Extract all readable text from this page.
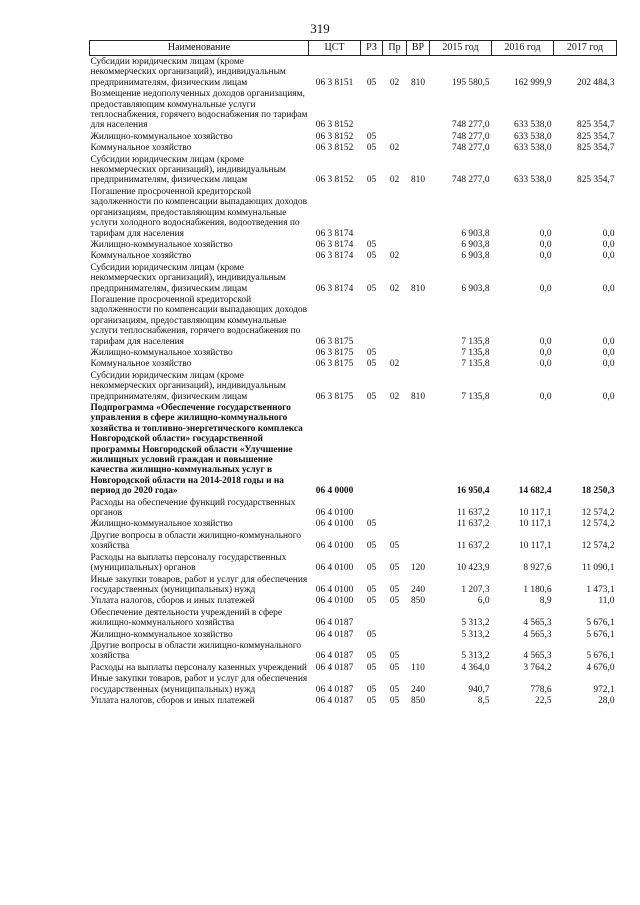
319
Наименование	ЦСТ	РЗ	Пр	ВР	2015 год	2016 год	2017 год
Субсидии юридическим лицам (кроме некоммерческих организаций), индивидуальным предпринимателям, физическим лицам	06 3 8151	05	02	810	195 580,5	162 999,9	202 484,3
Возмещение недополученных доходов организациям, предоставляющим коммунальные услуги теплоснабжения, горячего водоснабжения по тарифам для населения	06 3 8152				748 277,0	633 538,0	825 354,7
Жилищно-коммунальное хозяйство	06 3 8152	05			748 277,0	633 538,0	825 354,7
Коммунальное хозяйство	06 3 8152	05	02		748 277,0	633 538,0	825 354,7
Субсидии юридическим лицам (кроме некоммерческих организаций), индивидуальным предпринимателям, физическим лицам	06 3 8152	05	02	810	748 277,0	633 538,0	825 354,7
Погашение просроченной кредиторской задолженности по компенсации выпадающих доходов организациям, предоставляющим коммунальные услуги холодного водоснабжения, водоотведения по тарифам для населения	06 3 8174				6 903,8	0,0	0,0
Жилищно-коммунальное хозяйство	06 3 8174	05			6 903,8	0,0	0,0
Коммунальное хозяйство	06 3 8174	05	02		6 903,8	0,0	0,0
Субсидии юридическим лицам (кроме некоммерческих организаций), индивидуальным предпринимателям, физическим лицам	06 3 8174	05	02	810	6 903,8	0,0	0,0
Погашение просроченной кредиторской задолженности по компенсации выпадающих доходов организациям, предоставляющим коммунальные услуги теплоснабжения, горячего водоснабжения по тарифам для населения	06 3 8175				7 135,8	0,0	0,0
Жилищно-коммунальное хозяйство	06 3 8175	05			7 135,8	0,0	0,0
Коммунальное хозяйство	06 3 8175	05	02		7 135,8	0,0	0,0
Субсидии юридическим лицам (кроме некоммерческих организаций), индивидуальным предпринимателям, физическим лицам	06 3 8175	05	02	810	7 135,8	0,0	0,0
Подпрограмма «Обеспечение государственного управления в сфере жилищно-коммунального хозяйства и топливно-энергетического комплекса Новгородской области» государственной программы Новгородской области «Улучшение жилищных условий граждан и повышение качества жилищно-коммунальных услуг в Новгородской области на 2014-2018 годы и на период до 2020 года»	06 4 0000				16 950,4	14 682,4	18 250,3
Расходы на обеспечение функций государственных органов	06 4 0100				11 637,2	10 117,1	12 574,2
Жилищно-коммунальное хозяйство	06 4 0100	05			11 637,2	10 117,1	12 574,2
Другие вопросы в области жилищно-коммунального хозяйства	06 4 0100	05	05		11 637,2	10 117,1	12 574,2
Расходы на выплаты персоналу государственных (муниципальных) органов	06 4 0100	05	05	120	10 423,9	8 927,6	11 090,1
Иные закупки товаров, работ и услуг для обеспечения государственных (муниципальных) нужд	06 4 0100	05	05	240	1 207,3	1 180,6	1 473,1
Уплата налогов, сборов и иных платежей	06 4 0100	05	05	850	6,0	8,9	11,0
Обеспечение деятельности учреждений в сфере жилищно-коммунального хозяйства	06 4 0187				5 313,2	4 565,3	5 676,1
Жилищно-коммунальное хозяйство	06 4 0187	05			5 313,2	4 565,3	5 676,1
Другие вопросы в области жилищно-коммунального хозяйства	06 4 0187	05	05		5 313,2	4 565,3	5 676,1
Расходы на выплаты персоналу казенных учреждений	06 4 0187	05	05	110	4 364,0	3 764,2	4 676,0
Иные закупки товаров, работ и услуг для обеспечения государственных (муниципальных) нужд	06 4 0187	05	05	240	940,7	778,6	972,1
Уплата налогов, сборов и иных платежей	06 4 0187	05	05	850	8,5	22,5	28,0
